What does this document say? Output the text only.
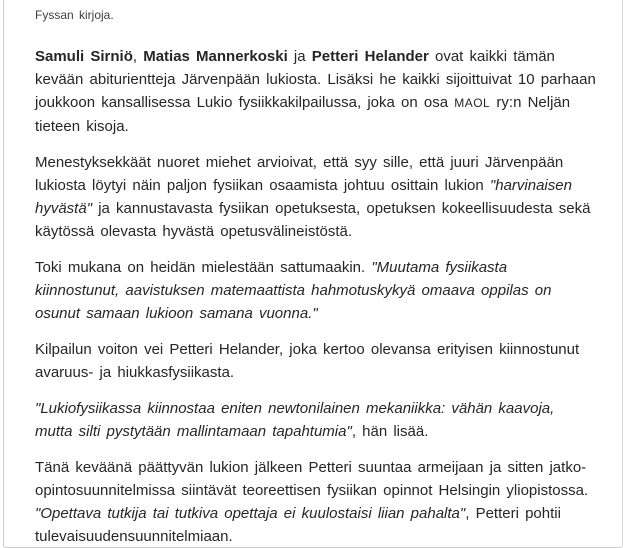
Fyssan kirjoja.

Samuli Sirniö, Matias Mannerkoski ja Petteri Helander ovat kaikki tämän kevään abiturientteja Järvenpään lukiosta. Lisäksi he kaikki sijoittuivat 10 parhaan joukkoon kansallisessa Lukio fysiikkakilpailussa, joka on osa MAOL ry:n Neljän tieteen kisoja.

Menestyksekkäät nuoret miehet arvioivat, että syy sille, että juuri Järvenpään lukiosta löytyi näin paljon fysiikan osaamista johtuu osittain lukion "harvinaisen hyvästä" ja kannustavasta fysiikan opetuksesta, opetuksen kokeellisuudesta sekä käytössä olevasta hyvästä opetusvälineistöstä.

Toki mukana on heidän mielestään sattumaakin. "Muutama fysiikasta kiinnostunut, aavistuksen matemaattista hahmotuskykyä omaava oppilas on osunut samaan lukioon samana vuonna."

Kilpailun voiton vei Petteri Helander, joka kertoo olevansa erityisen kiinnostunut avaruus- ja hiukkasfysiikasta.

"Lukiofysiikassa kiinnostaa eniten newtonilainen mekaniikka: vähän kaavoja, mutta silti pystytään mallintamaan tapahtumia", hän lisää.

Tänä keväänä päättyvän lukion jälkeen Petteri suuntaa armeijaan ja sitten jatko-opintosuunnitelmissa siintävät teoreettisen fysiikan opinnot Helsingin yliopistossa. "Opettava tutkija tai tutkiva opettaja ei kuulostaisi liian pahalta", Petteri pohtii tulevaisuudensuunnitelmiaan.
